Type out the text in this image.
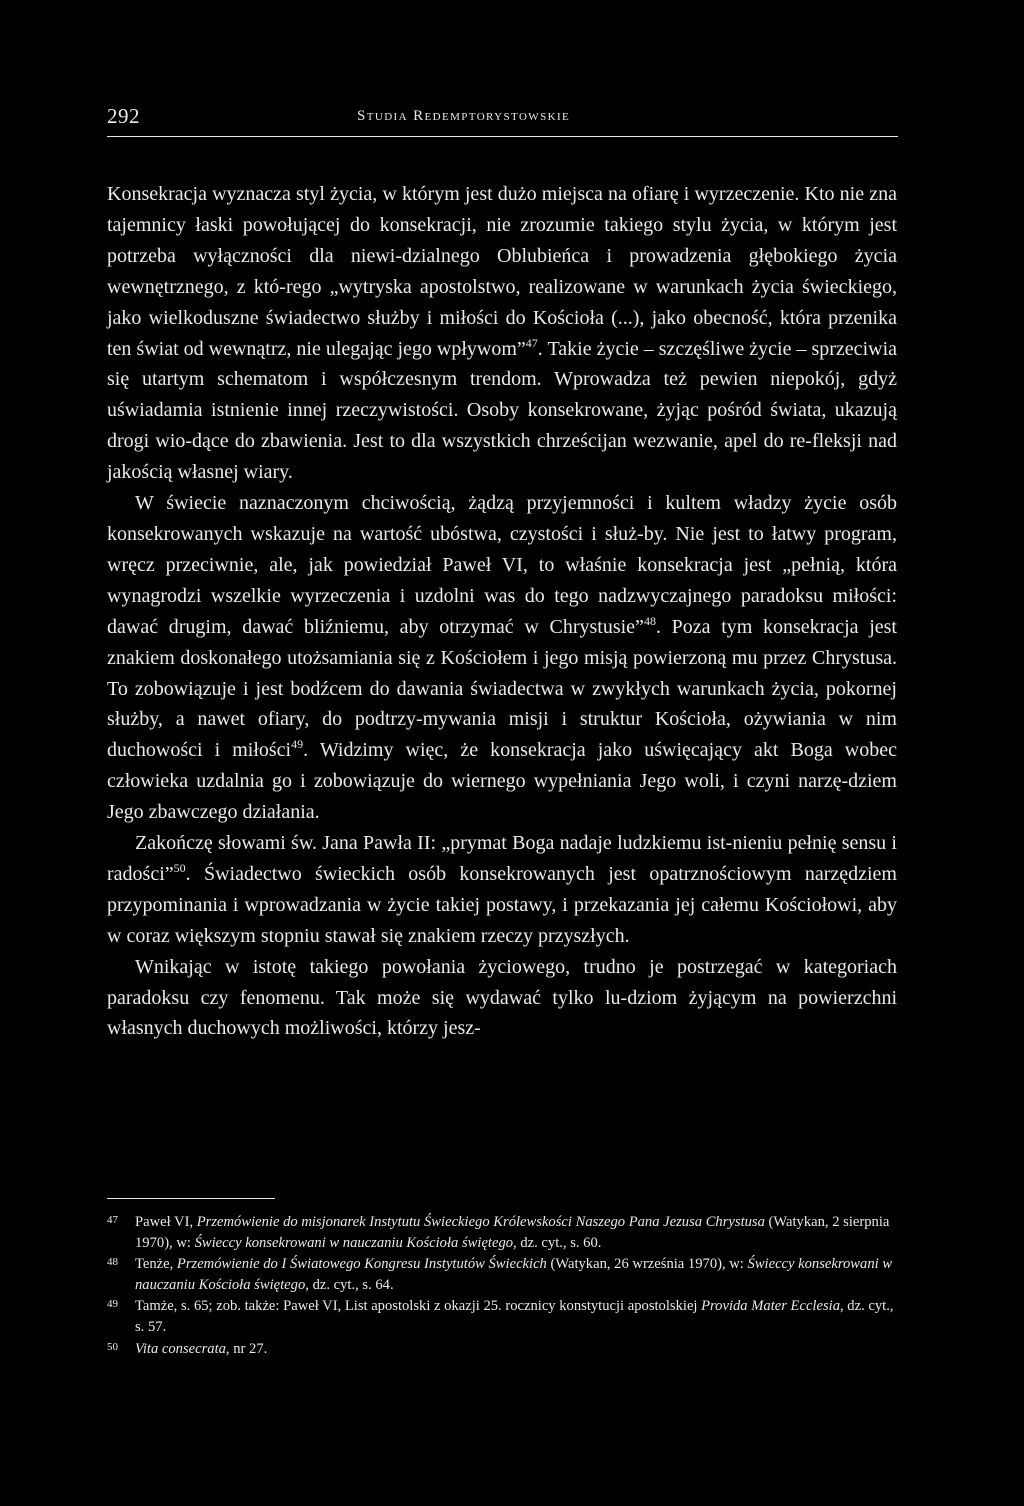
292	Studia Redemptorystowskie

Konsekracja wyznacza styl życia, w którym jest dużo miejsca na ofiarę i wyrzeczenie. Kto nie zna tajemnicy łaski powołującej do konsekracji, nie zrozumie takiego stylu życia, w którym jest potrzeba wyłączności dla niewi-dzialnego Oblubieńca i prowadzenia głębokiego życia wewnętrznego, z któ-rego „wytryska apostolstwo, realizowane w warunkach życia świeckiego, jako wielkoduszne świadectwo służby i miłości do Kościoła (...), jako obecność, która przenika ten świat od wewnątrz, nie ulegając jego wpływom”$^{47}$. Takie życie – szczęśliwe życie – sprzeciwia się utartym schematom i współczesnym trendom. Wprowadza też pewien niepokój, gdyż uświadamia istnienie innej rzeczywistości. Osoby konsekrowane, żyjąc pośród świata, ukazują drogi wio-dące do zbawienia. Jest to dla wszystkich chrześcijan wezwanie, apel do re-fleksji nad jakością własnej wiary.

W świecie naznaczonym chciwością, żądzą przyjemności i kultem władzy życie osób konsekrowanych wskazuje na wartość ubóstwa, czystości i służ-by. Nie jest to łatwy program, wręcz przeciwnie, ale, jak powiedział Paweł VI, to właśnie konsekracja jest „pełnią, która wynagrodzi wszelkie wyrzeczenia i uzdolni was do tego nadzwyczajnego paradoksu miłości: dawać drugim, dawać bliźniemu, aby otrzymać w Chrystusie”$^{48}$. Poza tym konsekracja jest znakiem doskonałego utożsamiania się z Kościołem i jego misją powierzoną mu przez Chrystusa. To zobowiązuje i jest bodźcem do dawania świadectwa w zwykłych warunkach życia, pokornej służby, a nawet ofiary, do podtrzy-mywania misji i struktur Kościoła, ożywiania w nim duchowości i miłości$^{49}$. Widzimy więc, że konsekracja jako uświęcający akt Boga wobec człowieka uzdalnia go i zobowiązuje do wiernego wypełniania Jego woli, i czyni narzę-dziem Jego zbawczego działania.

Zakończę słowami św. Jana Pawła II: „prymat Boga nadaje ludzkiemu ist-nieniu pełnię sensu i radości”$^{50}$. Świadectwo świeckich osób konsekrowanych jest opatrznościowym narzędziem przypominania i wprowadzania w życie takiej postawy, i przekazania jej całemu Kościołowi, aby w coraz większym stopniu stawał się znakiem rzeczy przyszłych.

Wnikając w istotę takiego powołania życiowego, trudno je postrzegać w kategoriach paradoksu czy fenomenu. Tak może się wydawać tylko lu-dziom żyjącym na powierzchni własnych duchowych możliwości, którzy jesz-

47 Paweł VI, Przemówienie do misjonarek Instytutu Świeckiego Królewskości Naszego Pana Jezusa Chrystusa (Watykan, 2 sierpnia 1970), w: Świeccy konsekrowani w nauczaniu Kościoła świętego, dz. cyt., s. 60.
48 Tenże, Przemówienie do I Światowego Kongresu Instytutów Świeckich (Watykan, 26 września 1970), w: Świeccy konsekrowani w nauczaniu Kościoła świętego, dz. cyt., s. 64.
49 Tamże, s. 65; zob. także: Paweł VI, List apostolski z okazji 25. rocznicy konstytucji apostolskiej Provida Mater Ecclesia, dz. cyt., s. 57.
50 Vita consecrata, nr 27.
